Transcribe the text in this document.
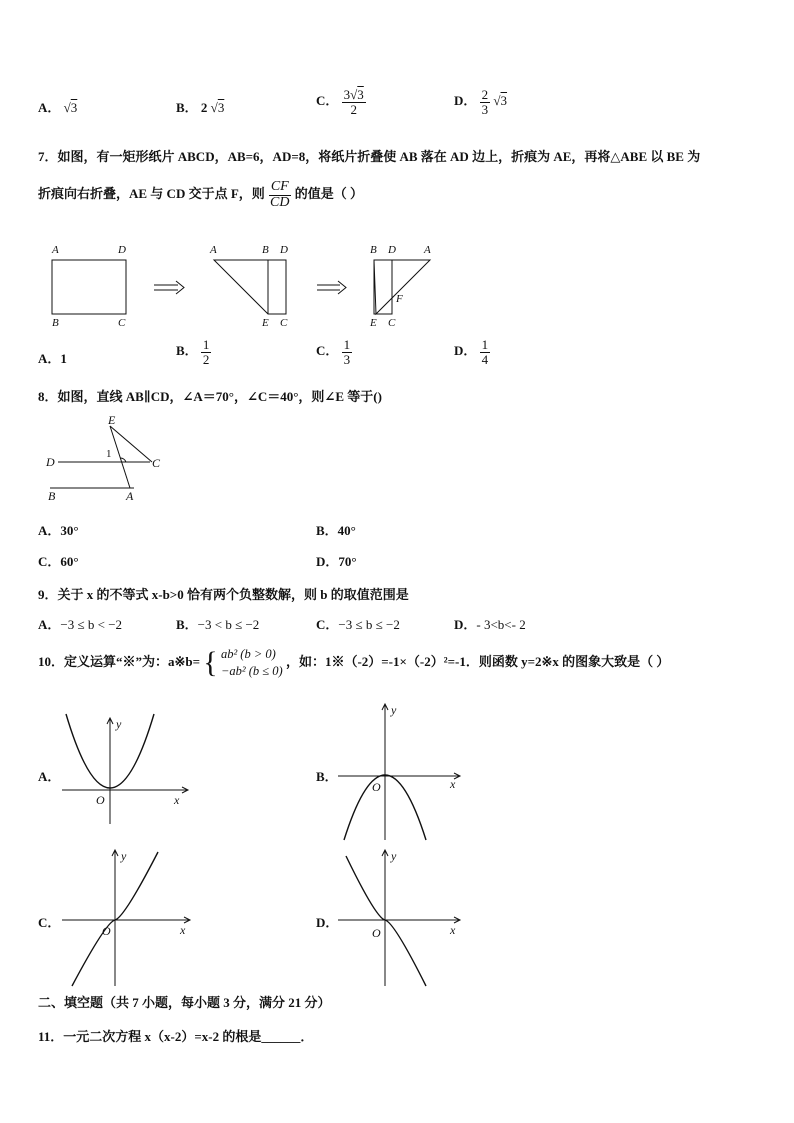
A． √3	B． 2 √3	C． $\frac{3√3}{2}$	D． $\frac{2}{3} √3$
7．如图，有一矩形纸片 ABCD，AB=6，AD=8，将纸片折叠使 AB 落在 AD 边上，折痕为 AE，再将△ABE 以 BE 为
折痕向右折叠，AE 与 CD 交于点 F，则 $\frac{CF}{CD}$ 的值是（ ）
A	D
B	C
A	B D
E C
B D	A
F
E C
A．1
B． $\frac{1}{2}$	C． $\frac{1}{3}$	D． $\frac{1}{4}$
8．如图，直线 AB∥CD，∠A＝70°，∠C＝40°，则∠E 等于()
E
D	C
B	A
1
A．30°	B．40°
C．60°	D．70°
9．关于 x 的不等式 x-b>0 恰有两个负整数解，则 b 的取值范围是
A．−3 ≤ b < −2	B．−3 < b ≤ −2	C．−3 ≤ b ≤ −2	D．- 3<b<- 2
10．定义运算“※”为：a※b= { ab² (b > 0)
−ab² (b ≤ 0)
，如：1※（-2）=-1×（-2）²=-1．则函数 y=2※x 的图象大致是（ ）
A．
y
x
O
B．
y
x
O
C．
y
x
O
D．
y
x
O
二、填空题（共 7 小题，每小题 3 分，满分 21 分）
11．一元二次方程 x（x-2）=x-2 的根是______．
